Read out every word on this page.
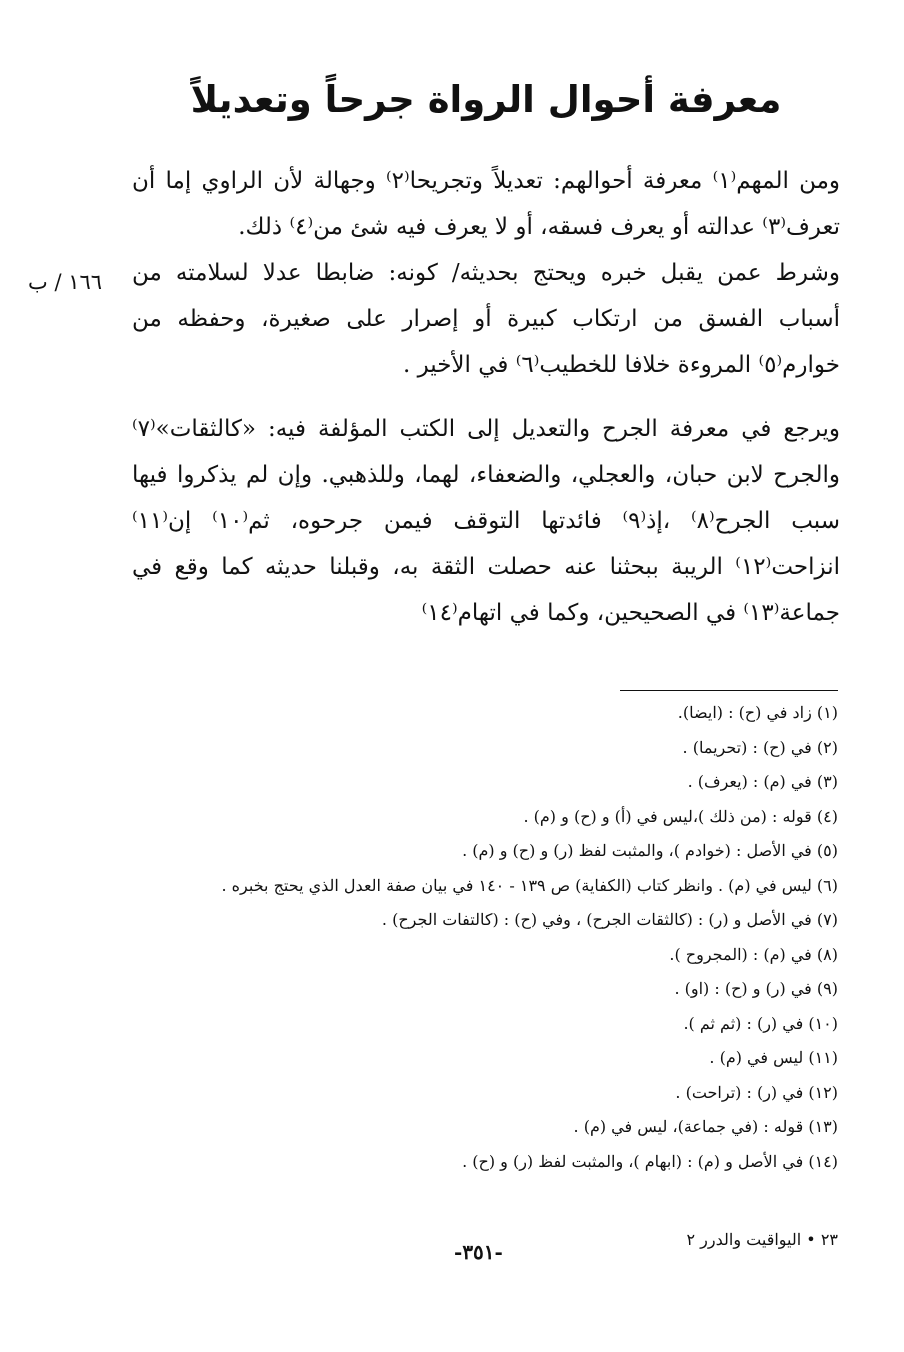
معرفة أحوال الرواة جرحاً وتعديلاً
١٦٦ / ب

ومن المهم⁽١⁾ معرفة أحوالهم: تعديلاً وتجريحا⁽٢⁾ وجهالة لأن الراوي إما أن تعرف⁽٣⁾ عدالته أو يعرف فسقه، أو لا يعرف فيه شئ من⁽٤⁾ ذلك.

وشرط عمن يقبل خبره ويحتج بحديثه/ كونه: ضابطا عدلا لسلامته من أسباب الفسق من ارتكاب كبيرة أو إصرار على صغيرة، وحفظه من خوارم⁽٥⁾ المروءة خلافا للخطيب⁽٦⁾ في الأخير .

ويرجع في معرفة الجرح والتعديل إلى الكتب المؤلفة فيه: «كالثقات»⁽٧⁾ والجرح لابن حبان، والعجلي، والضعفاء، لهما، وللذهبي. وإن لم يذكروا فيها سبب الجرح⁽٨⁾ ،إذ⁽٩⁾ فائدتها التوقف فيمن جرحوه، ثم⁽١٠⁾ إن⁽١١⁾ انزاحت⁽١٢⁾ الريبة ببحثنا عنه حصلت الثقة به، وقبلنا حديثه كما وقع في جماعة⁽١٣⁾ في الصحيحين، وكما في اتهام⁽١٤⁾

(١) زاد في (ح) : (ايضا).

(٢) في (ح) : (تحريما) .

(٣) في (م) : (يعرف) .

(٤) قوله : (من ذلك )،ليس في (أ) و (ح) و (م) .

(٥) في الأصل : (خوادم )، والمثبت لفظ (ر) و (ح) و (م) .

(٦) ليس في (م) . وانظر كتاب (الكفاية) ص ١٣٩ - ١٤٠ في بيان صفة العدل الذي يحتج بخبره .

(٧) في الأصل و (ر) : (كالثقات الجرح) ، وفي (ح) : (كالتفات الجرح) .

(٨) في (م) : (المجروح ).

(٩) في (ر) و (ح) : (او) .

(١٠) في (ر) : (ثم ثم ).

(١١) ليس في (م) .

(١٢) في (ر) : (تراحت) .

(١٣) قوله : (في جماعة)، ليس في (م) .

(١٤) في الأصل و (م) : (ابهام )، والمثبت لفظ (ر) و (ح) .

٢٣ • اليواقيت والدرر ٢
-٣٥١-
